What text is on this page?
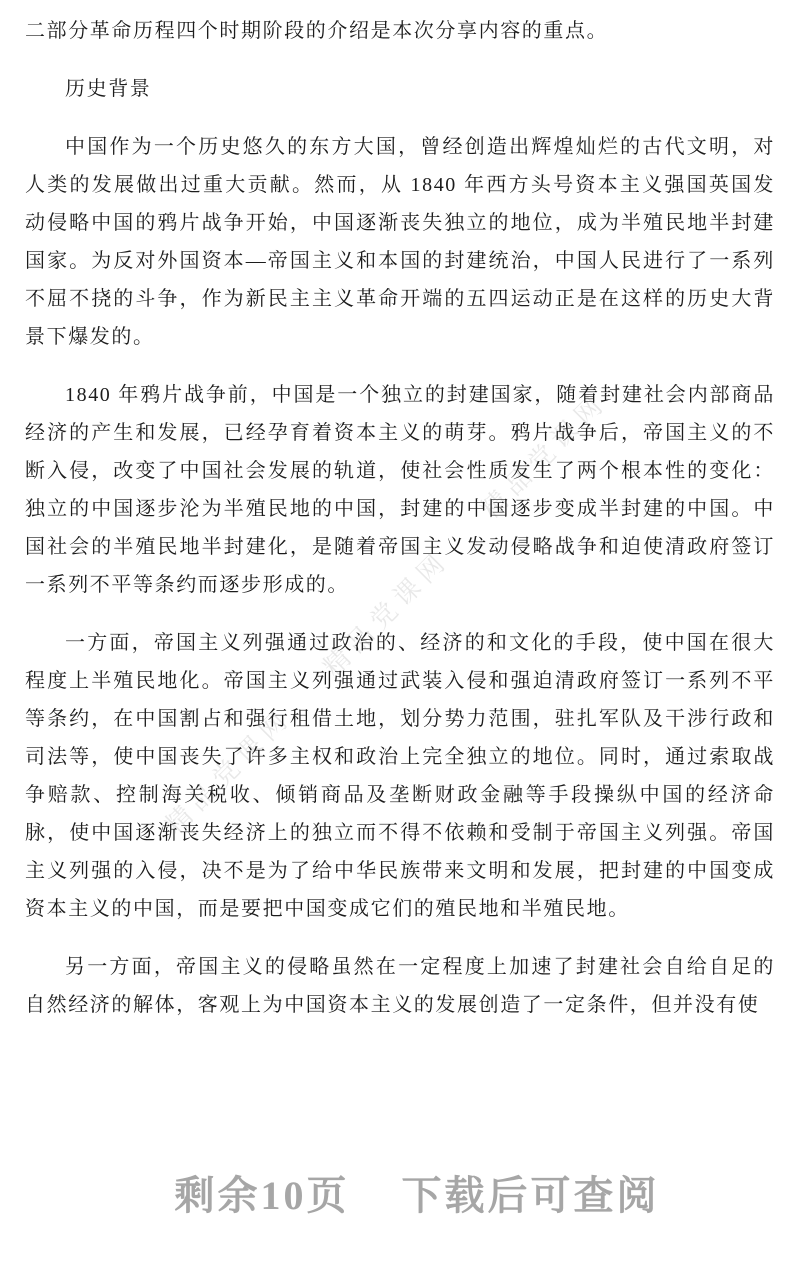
精品党课网
精品党课网
精品党课网

二部分革命历程四个时期阶段的介绍是本次分享内容的重点。

历史背景

中国作为一个历史悠久的东方大国，曾经创造出辉煌灿烂的古代文明，对人类的发展做出过重大贡献。然而，从 1840 年西方头号资本主义强国英国发动侵略中国的鸦片战争开始，中国逐渐丧失独立的地位，成为半殖民地半封建国家。为反对外国资本—帝国主义和本国的封建统治，中国人民进行了一系列不屈不挠的斗争，作为新民主主义革命开端的五四运动正是在这样的历史大背景下爆发的。

1840 年鸦片战争前，中国是一个独立的封建国家，随着封建社会内部商品经济的产生和发展，已经孕育着资本主义的萌芽。鸦片战争后，帝国主义的不断入侵，改变了中国社会发展的轨道，使社会性质发生了两个根本性的变化：独立的中国逐步沦为半殖民地的中国，封建的中国逐步变成半封建的中国。中国社会的半殖民地半封建化，是随着帝国主义发动侵略战争和迫使清政府签订一系列不平等条约而逐步形成的。

一方面，帝国主义列强通过政治的、经济的和文化的手段，使中国在很大程度上半殖民地化。帝国主义列强通过武装入侵和强迫清政府签订一系列不平等条约，在中国割占和强行租借土地，划分势力范围，驻扎军队及干涉行政和司法等，使中国丧失了许多主权和政治上完全独立的地位。同时，通过索取战争赔款、控制海关税收、倾销商品及垄断财政金融等手段操纵中国的经济命脉，使中国逐渐丧失经济上的独立而不得不依赖和受制于帝国主义列强。帝国主义列强的入侵，决不是为了给中华民族带来文明和发展，把封建的中国变成资本主义的中国，而是要把中国变成它们的殖民地和半殖民地。

另一方面，帝国主义的侵略虽然在一定程度上加速了封建社会自给自足的自然经济的解体，客观上为中国资本主义的发展创造了一定条件，但并没有使

剩余10页 下载后可查阅
